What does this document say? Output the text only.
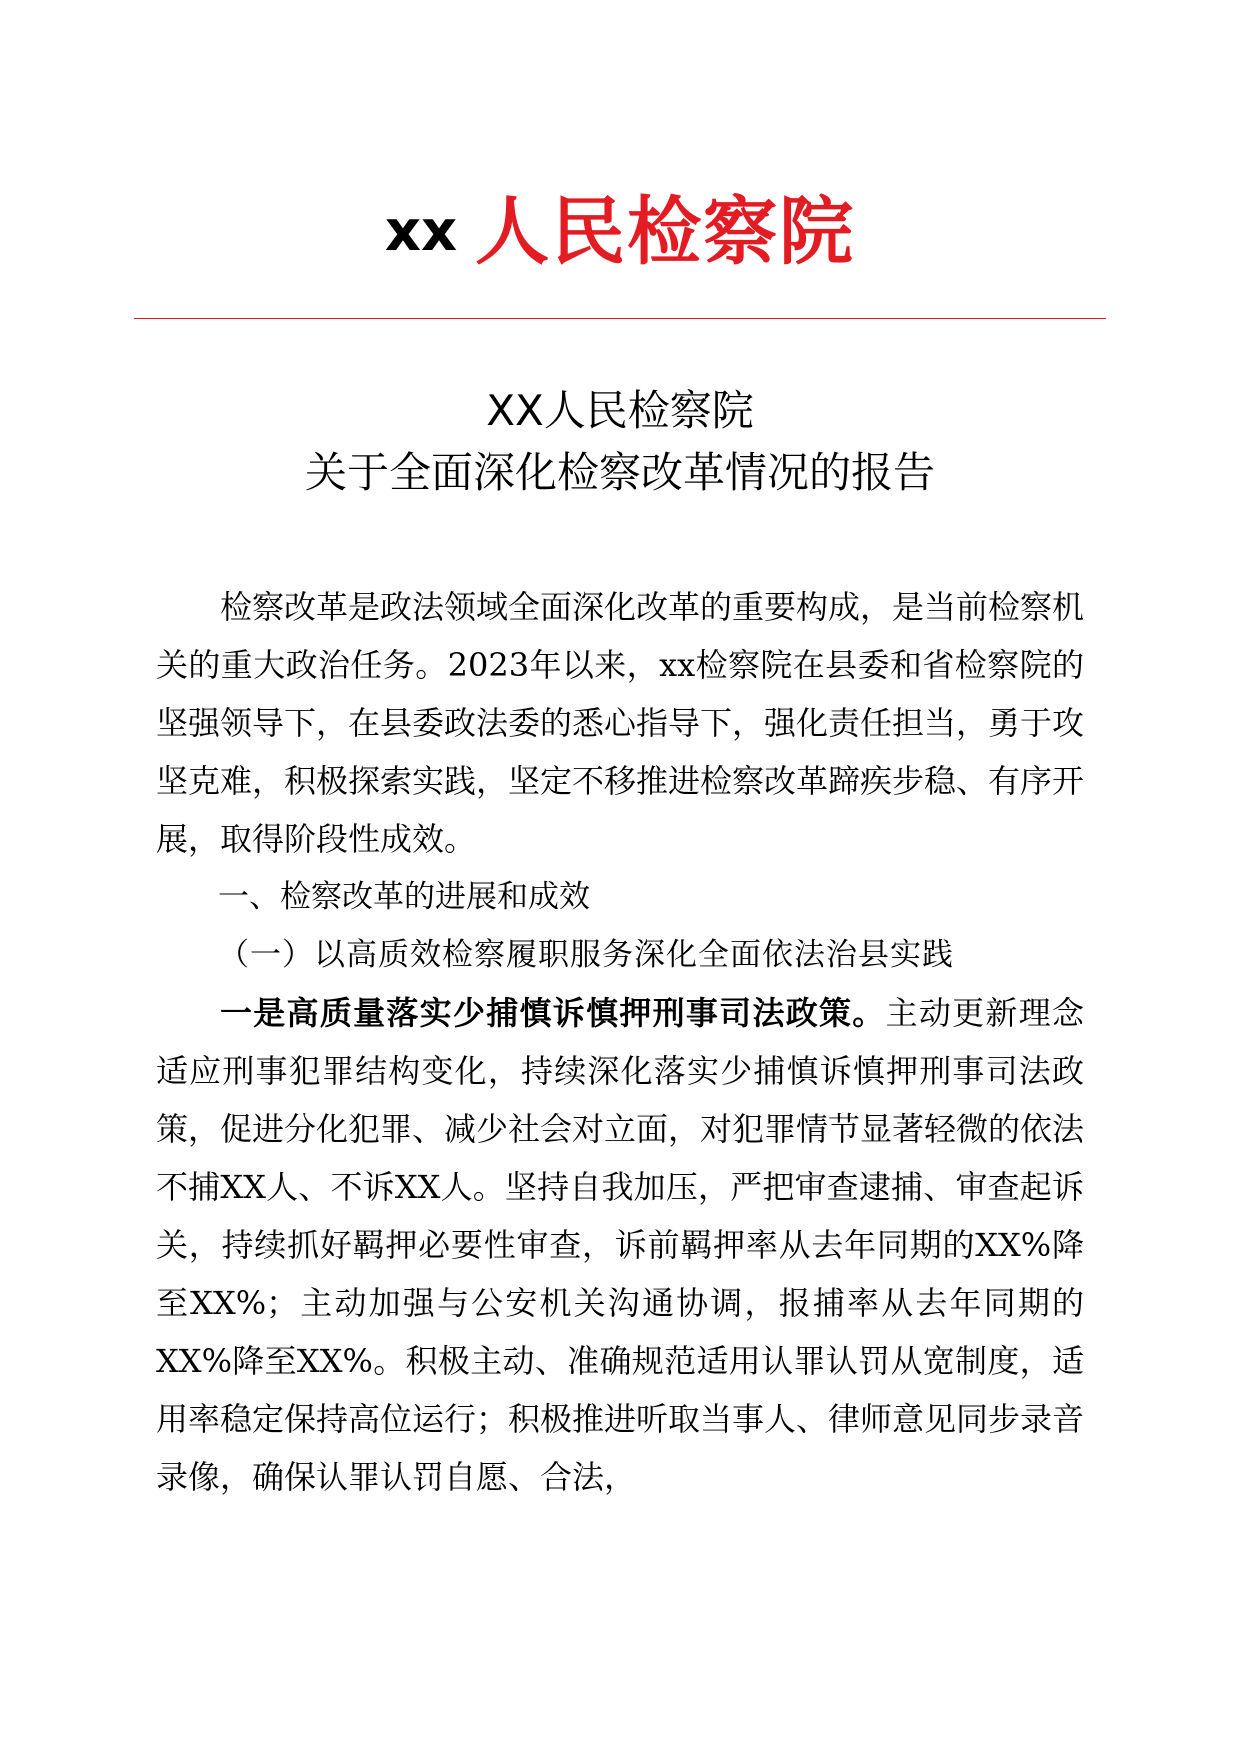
xx 人民检察院
XX人民检察院
关于全面深化检察改革情况的报告

检察改革是政法领域全面深化改革的重要构成，是当前检察机关的重大政治任务。2023年以来，xx检察院在县委和省检察院的坚强领导下，在县委政法委的悉心指导下，强化责任担当，勇于攻坚克难，积极探索实践，坚定不移推进检察改革蹄疾步稳、有序开展，取得阶段性成效。

一、检察改革的进展和成效

（一）以高质效检察履职服务深化全面依法治县实践

一是高质量落实少捕慎诉慎押刑事司法政策。主动更新理念适应刑事犯罪结构变化，持续深化落实少捕慎诉慎押刑事司法政策，促进分化犯罪、减少社会对立面，对犯罪情节显著轻微的依法不捕XX人、不诉XX人。坚持自我加压，严把审查逮捕、审查起诉关，持续抓好羁押必要性审查，诉前羁押率从去年同期的XX%降至XX%；主动加强与公安机关沟通协调，报捕率从去年同期的XX%降至XX%。积极主动、准确规范适用认罪认罚从宽制度，适用率稳定保持高位运行；积极推进听取当事人、律师意见同步录音录像，确保认罪认罚自愿、合法，
